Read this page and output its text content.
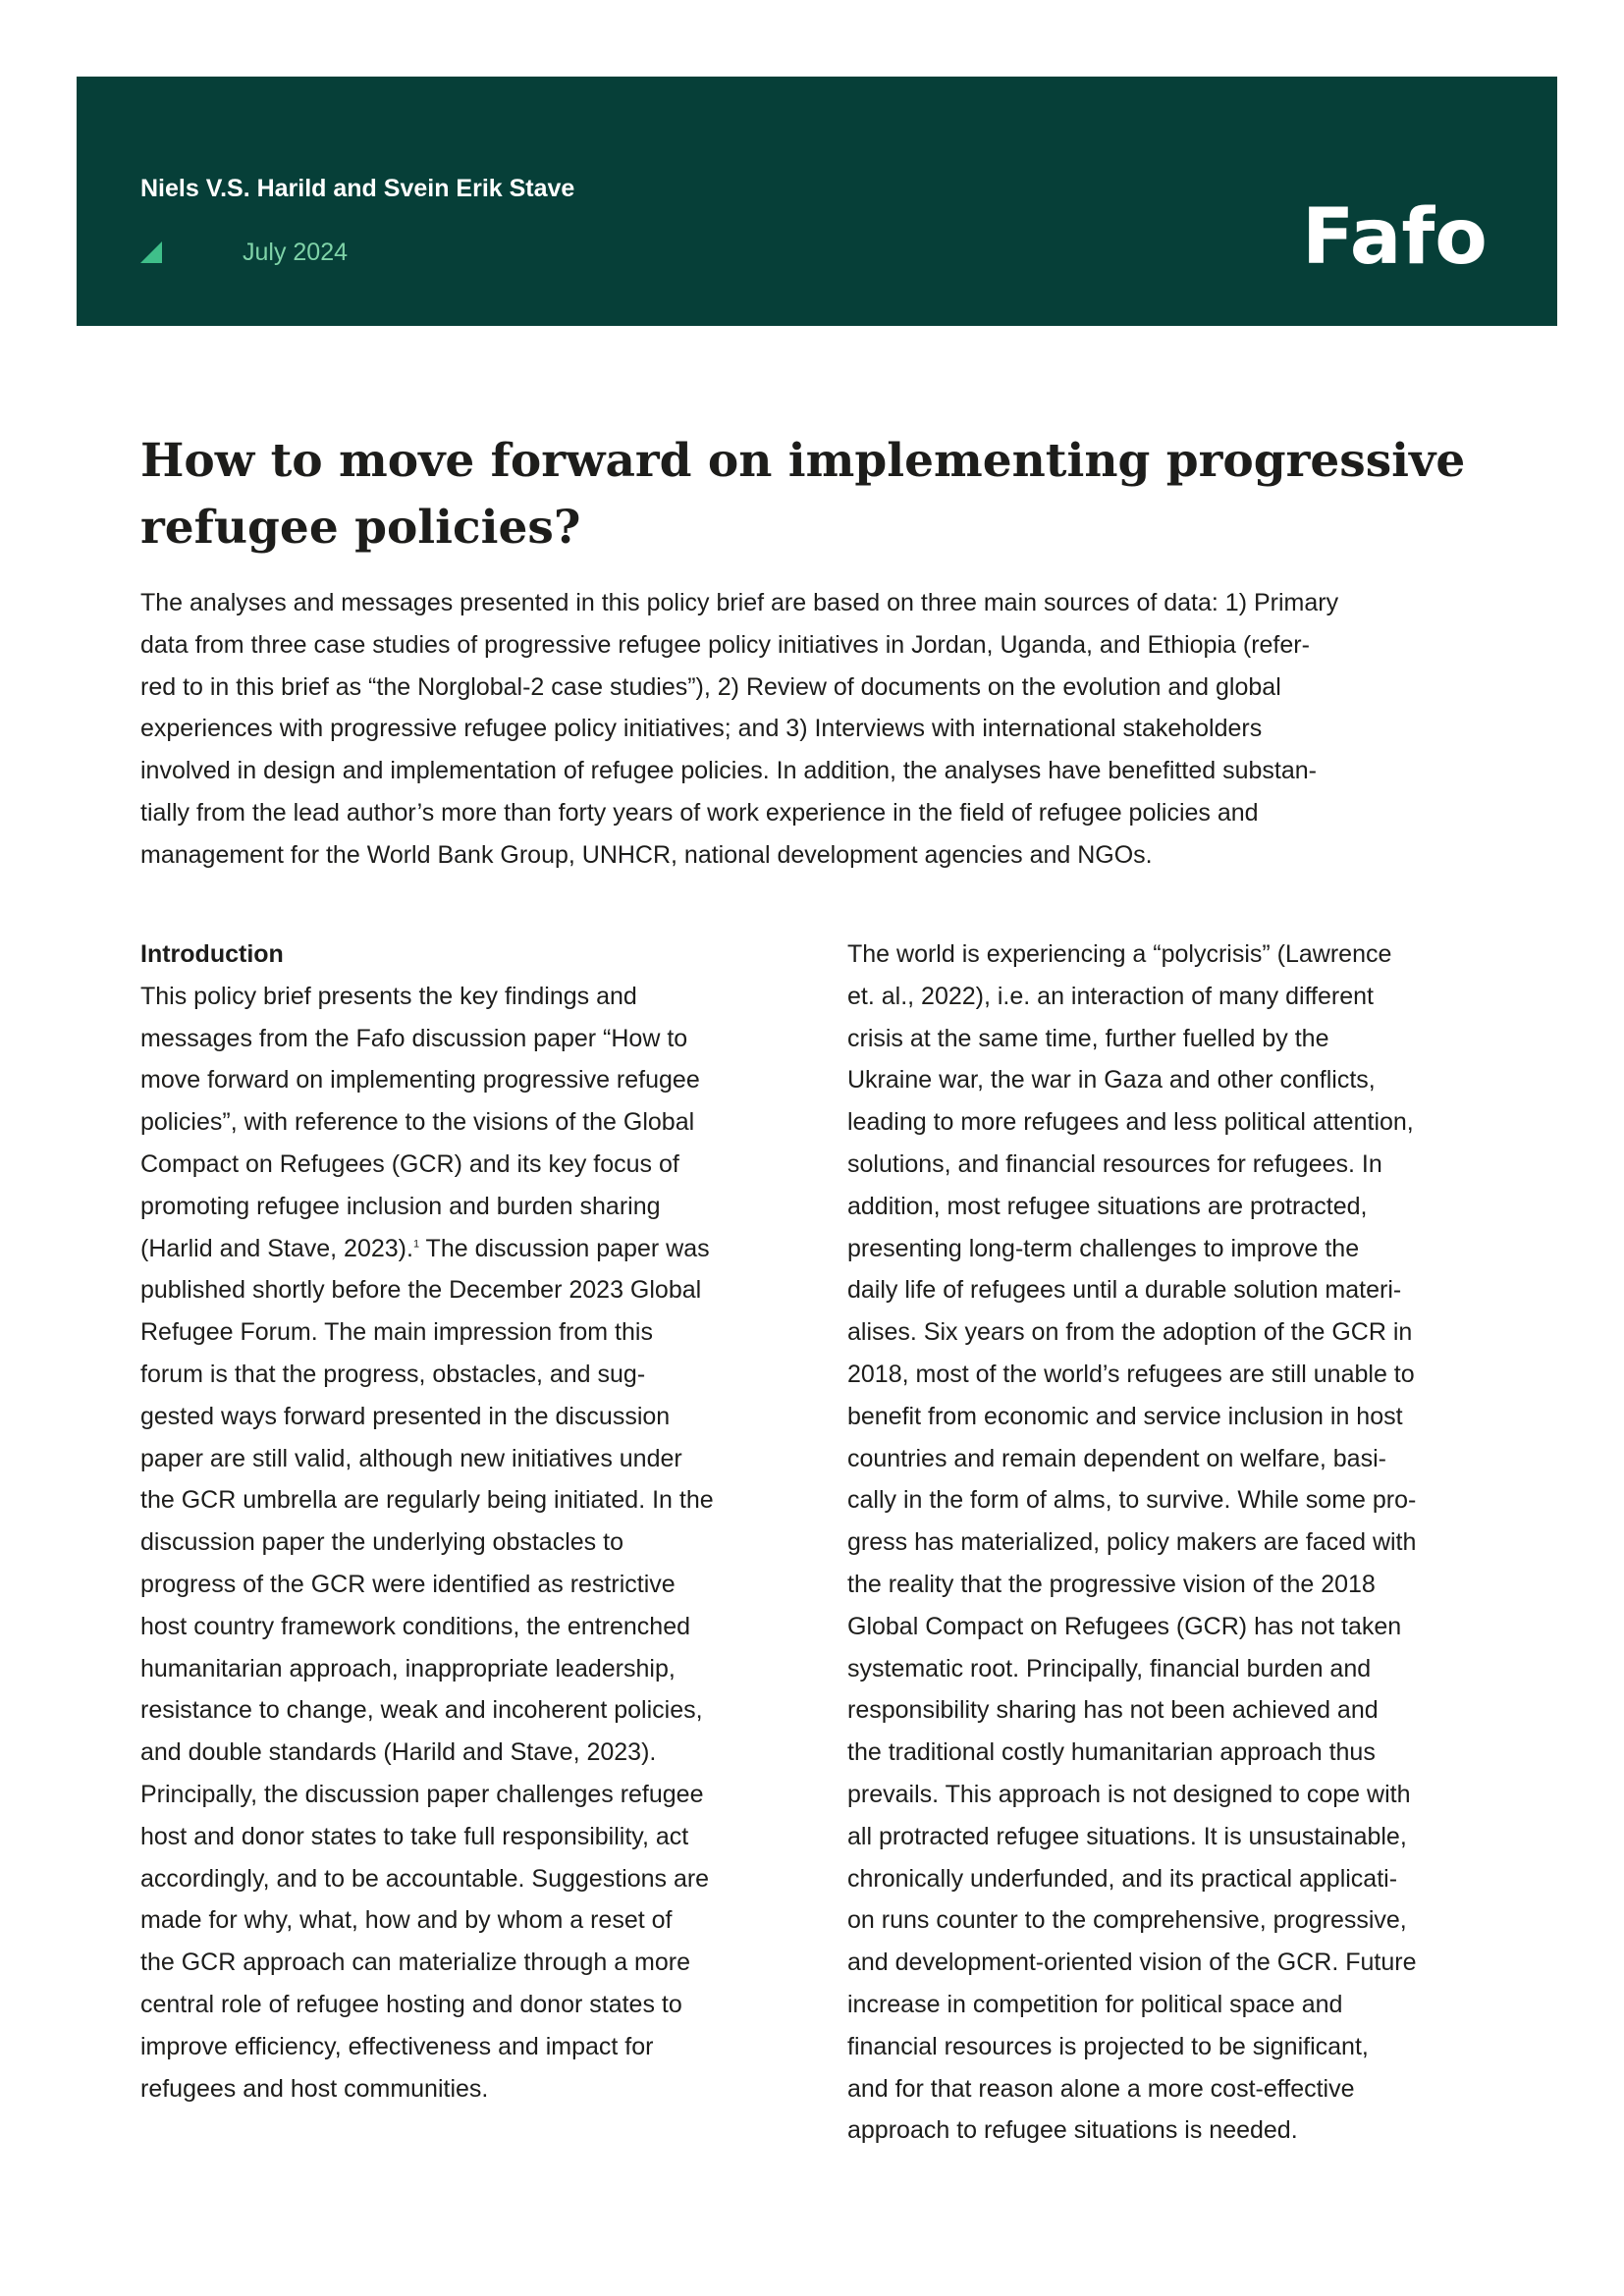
Niels V.S. Harild and Svein Erik Stave

July 2024	Fafo
How to move forward on implementing progressive
refugee policies?
The analyses and messages presented in this policy brief are based on three main sources of data: 1) Primary
data from three case studies of progressive refugee policy initiatives in Jordan, Uganda, and Ethiopia (refer-
red to in this brief as “the Norglobal-2 case studies”), 2) Review of documents on the evolution and global
experiences with progressive refugee policy initiatives; and 3) Interviews with international stakeholders
involved in design and implementation of refugee policies. In addition, the analyses have benefitted substan-
tially from the lead author’s more than forty years of work experience in the field of refugee policies and
management for the World Bank Group, UNHCR, national development agencies and NGOs.
Introduction
This policy brief presents the key findings and
messages from the Fafo discussion paper “How to
move forward on implementing progressive refugee
policies”, with reference to the visions of the Global
Compact on Refugees (GCR) and its key focus of
promoting refugee inclusion and burden sharing
(Harlid and Stave, 2023).$^1$ The discussion paper was
published shortly before the December 2023 Global
Refugee Forum. The main impression from this
forum is that the progress, obstacles, and sug-
gested ways forward presented in the discussion
paper are still valid, although new initiatives under
the GCR umbrella are regularly being initiated. In the
discussion paper the underlying obstacles to
progress of the GCR were identified as restrictive
host country framework conditions, the entrenched
humanitarian approach, inappropriate leadership,
resistance to change, weak and incoherent policies,
and double standards (Harild and Stave, 2023).
Principally, the discussion paper challenges refugee
host and donor states to take full responsibility, act
accordingly, and to be accountable. Suggestions are
made for why, what, how and by whom a reset of
the GCR approach can materialize through a more
central role of refugee hosting and donor states to
improve efficiency, effectiveness and impact for
refugees and host communities.
The world is experiencing a “polycrisis” (Lawrence
et. al., 2022), i.e. an interaction of many different
crisis at the same time, further fuelled by the
Ukraine war, the war in Gaza and other conflicts,
leading to more refugees and less political attention,
solutions, and financial resources for refugees. In
addition, most refugee situations are protracted,
presenting long-term challenges to improve the
daily life of refugees until a durable solution materi-
alises. Six years on from the adoption of the GCR in
2018, most of the world’s refugees are still unable to
benefit from economic and service inclusion in host
countries and remain dependent on welfare, basi-
cally in the form of alms, to survive. While some pro-
gress has materialized, policy makers are faced with
the reality that the progressive vision of the 2018
Global Compact on Refugees (GCR) has not taken
systematic root. Principally, financial burden and
responsibility sharing has not been achieved and
the traditional costly humanitarian approach thus
prevails. This approach is not designed to cope with
all protracted refugee situations. It is unsustainable,
chronically underfunded, and its practical applicati-
on runs counter to the comprehensive, progressive,
and development-oriented vision of the GCR. Future
increase in competition for political space and
financial resources is projected to be significant,
and for that reason alone a more cost-effective
approach to refugee situations is needed.
